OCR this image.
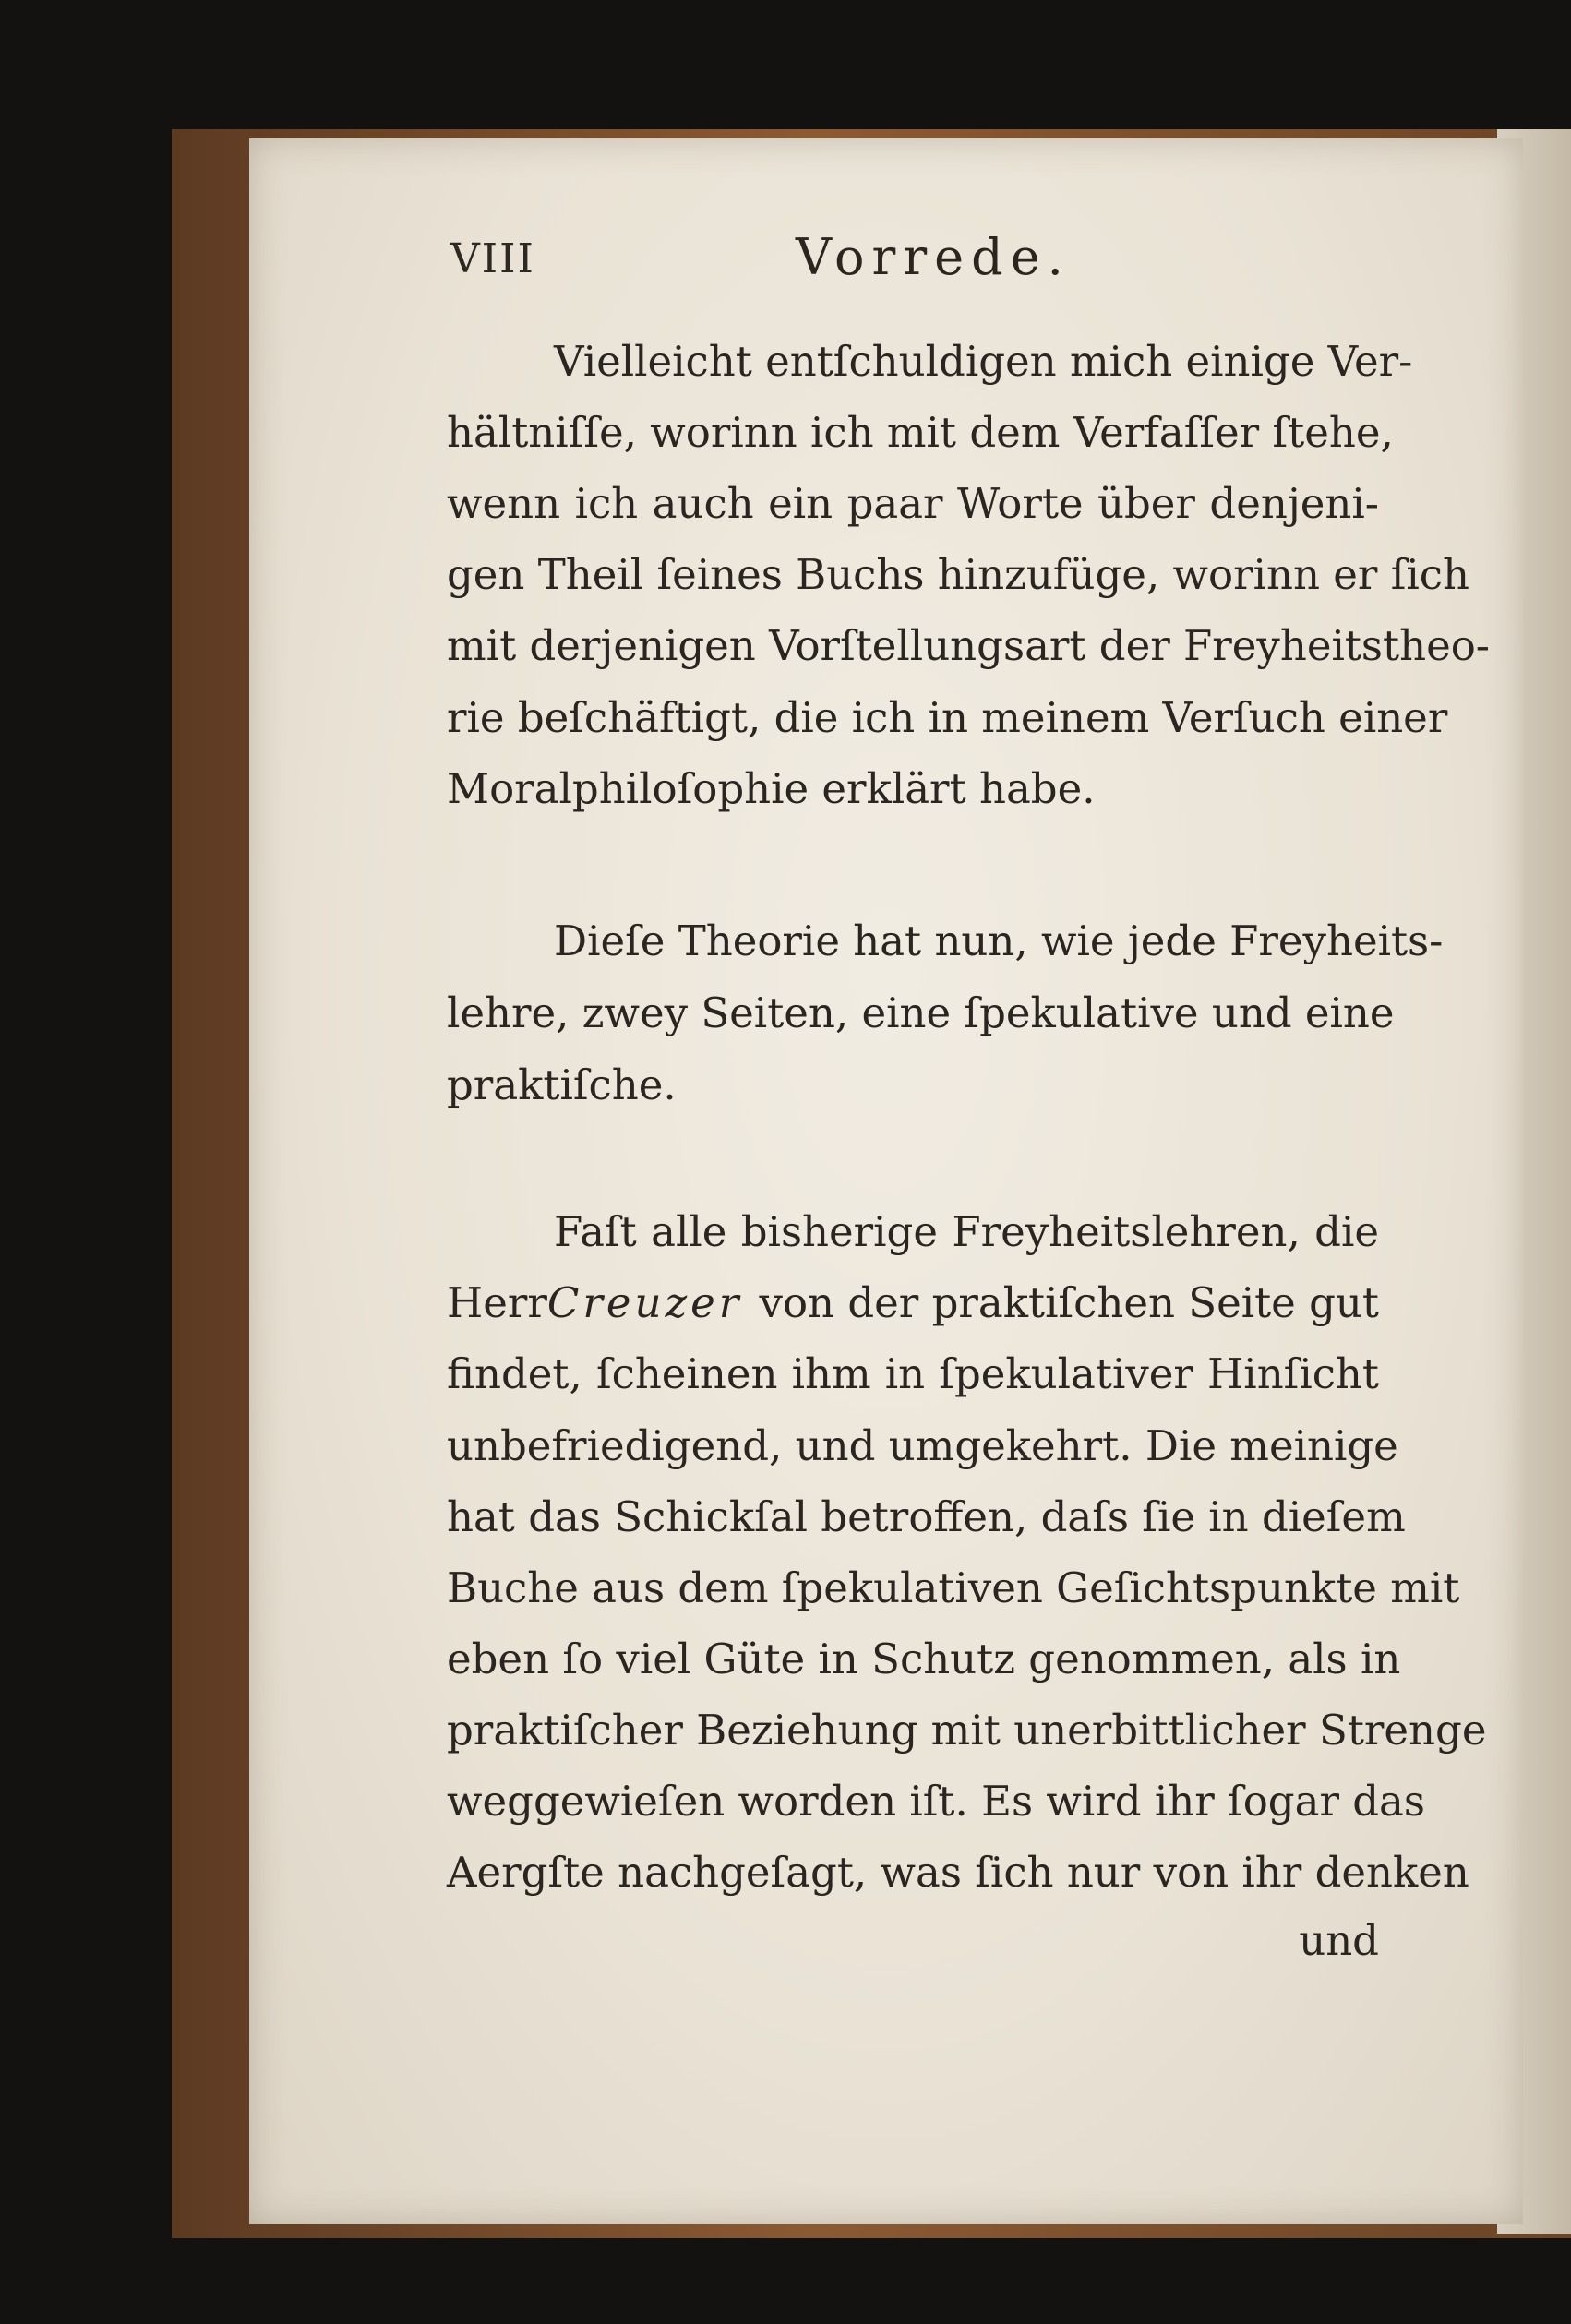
VIII	Vorrede.
Vielleicht entſchuldigen mich einige Ver-
hältniſſe, worinn ich mit dem Verfaſſer ſtehe,
wenn ich auch ein paar Worte über denjeni-
gen Theil ſeines Buchs hinzufüge, worinn er ſich
mit derjenigen Vorſtellungsart der Freyheitstheo-
rie beſchäftigt, die ich in meinem Verſuch einer
Moralphiloſophie erklärt habe.
Dieſe Theorie hat nun, wie jede Freyheits-
lehre, zwey Seiten, eine ſpekulative und eine
praktiſche.
Faſt alle bisherige Freyheitslehren, die
Herr Creuzer von der praktiſchen Seite gut
findet, ſcheinen ihm in ſpekulativer Hinſicht
unbefriedigend, und umgekehrt. Die meinige
hat das Schickſal betroffen, daſs ſie in dieſem
Buche aus dem ſpekulativen Geſichtspunkte mit
eben ſo viel Güte in Schutz genommen, als in
praktiſcher Beziehung mit unerbittlicher Strenge
weggewieſen worden iſt. Es wird ihr ſogar das
Aergſte nachgeſagt, was ſich nur von ihr denken
und
